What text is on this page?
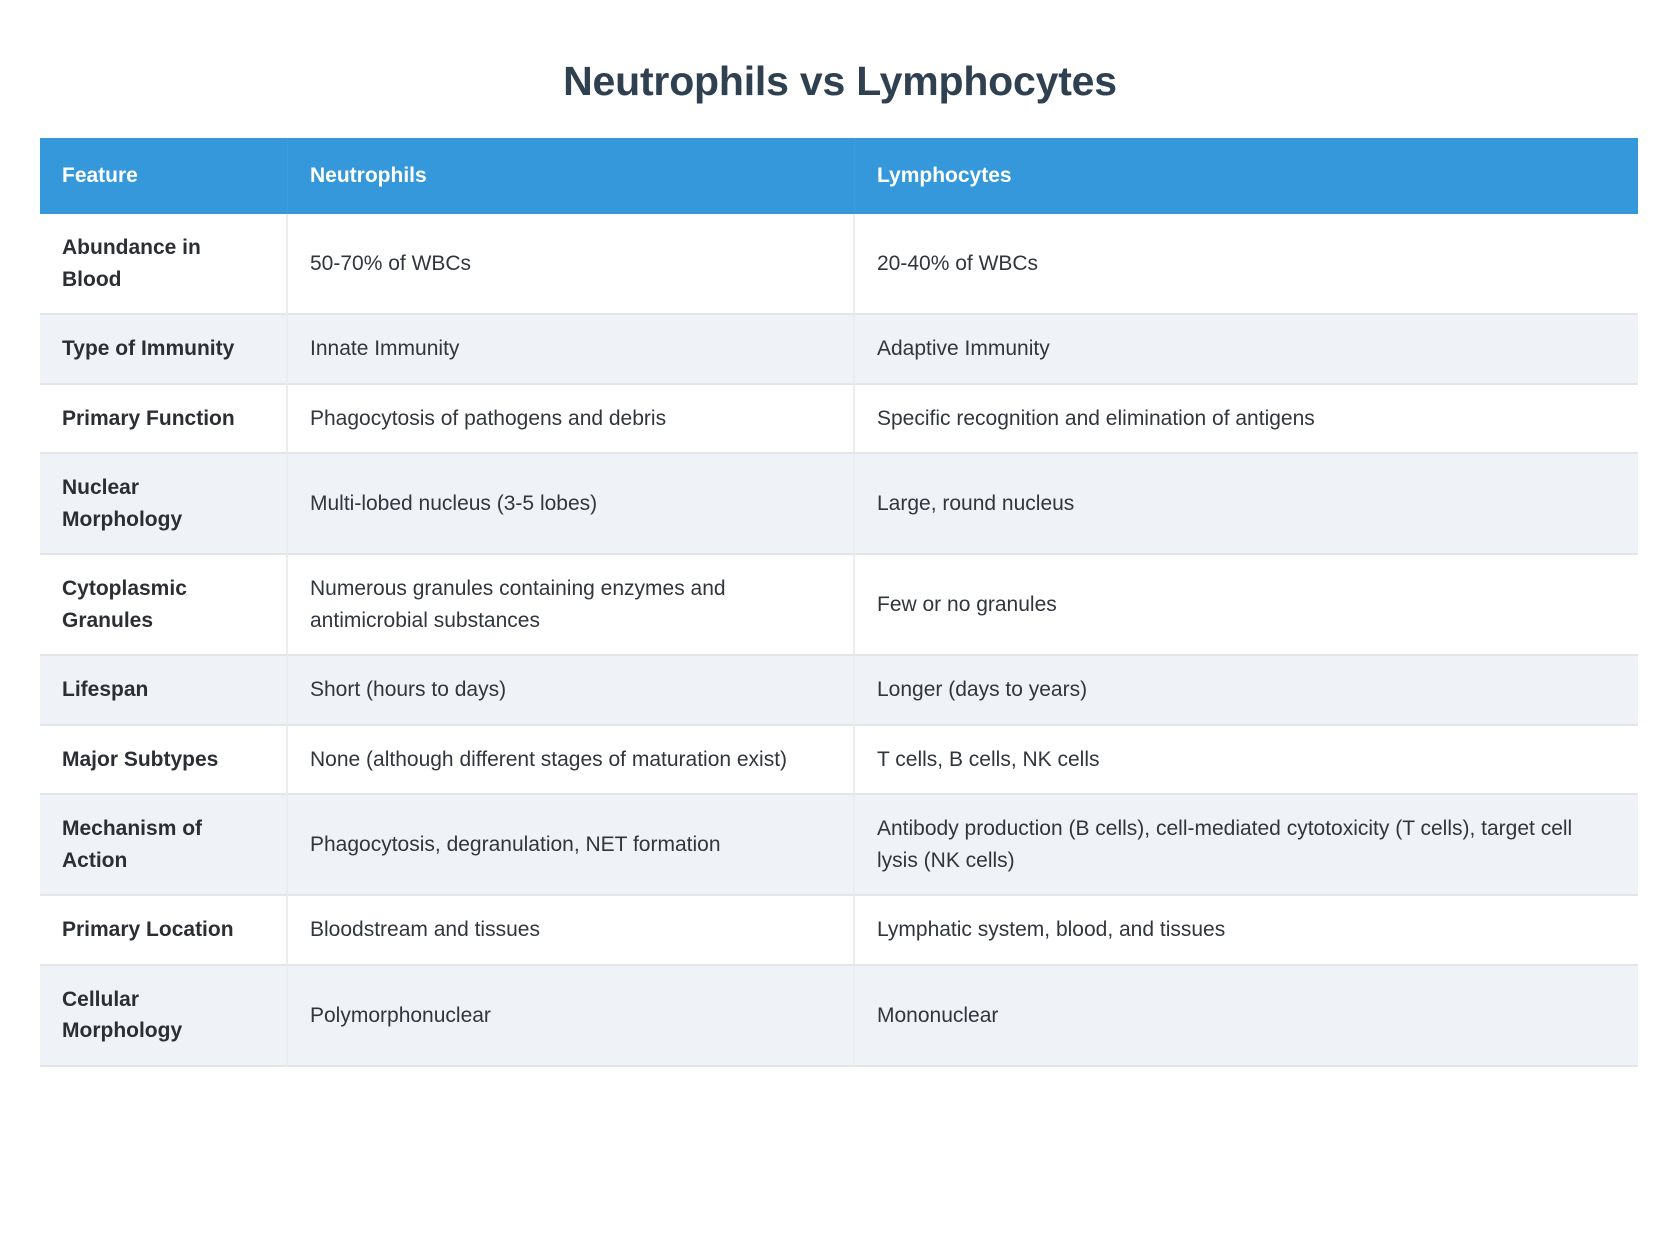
Neutrophils vs Lymphocytes
Feature	Neutrophils	Lymphocytes
Abundance in Blood	50-70% of WBCs	20-40% of WBCs
Type of Immunity	Innate Immunity	Adaptive Immunity
Primary Function	Phagocytosis of pathogens and debris	Specific recognition and elimination of antigens
Nuclear Morphology	Multi-lobed nucleus (3-5 lobes)	Large, round nucleus
Cytoplasmic Granules	Numerous granules containing enzymes and antimicrobial substances	Few or no granules
Lifespan	Short (hours to days)	Longer (days to years)
Major Subtypes	None (although different stages of maturation exist)	T cells, B cells, NK cells
Mechanism of Action	Phagocytosis, degranulation, NET formation	Antibody production (B cells), cell-mediated cytotoxicity (T cells), target cell lysis (NK cells)
Primary Location	Bloodstream and tissues	Lymphatic system, blood, and tissues
Cellular Morphology	Polymorphonuclear	Mononuclear
